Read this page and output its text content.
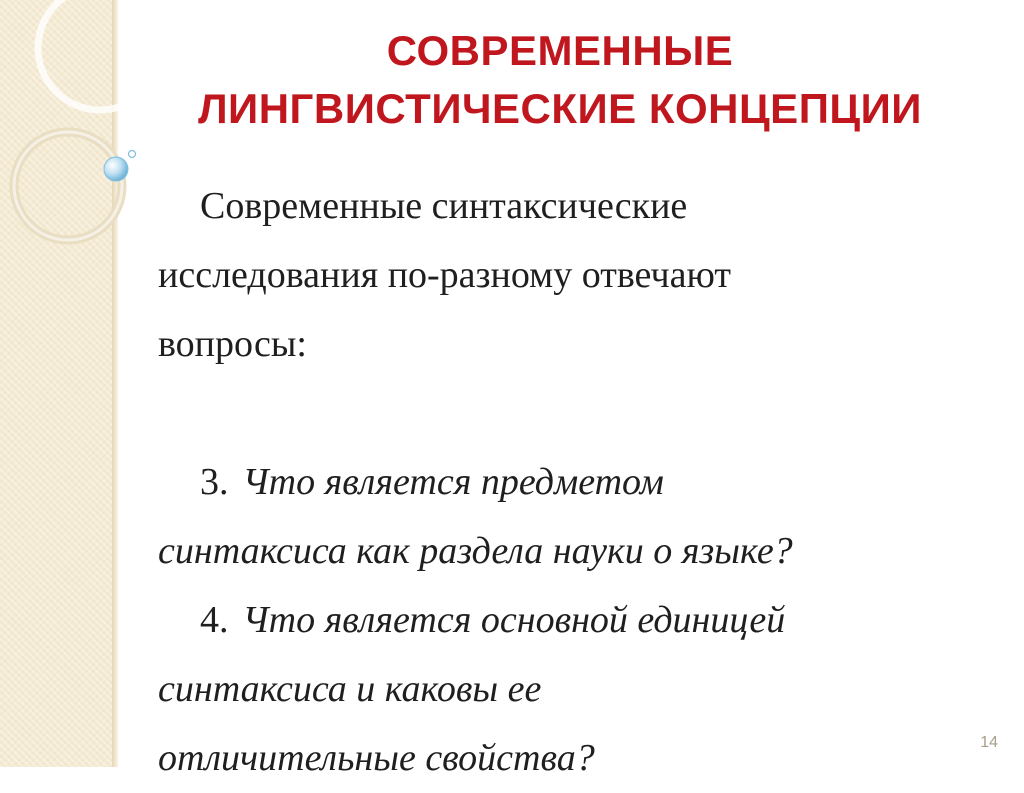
СОВРЕМЕННЫЕ
ЛИНГВИСТИЧЕСКИЕ КОНЦЕПЦИИ

Современные синтаксические
исследования по-разному отвечают
вопросы:

3. Что является предметом
синтаксиса как раздела науки о языке?

4. Что является основной единицей
синтаксиса и каковы ее
отличительные свойства?	14
